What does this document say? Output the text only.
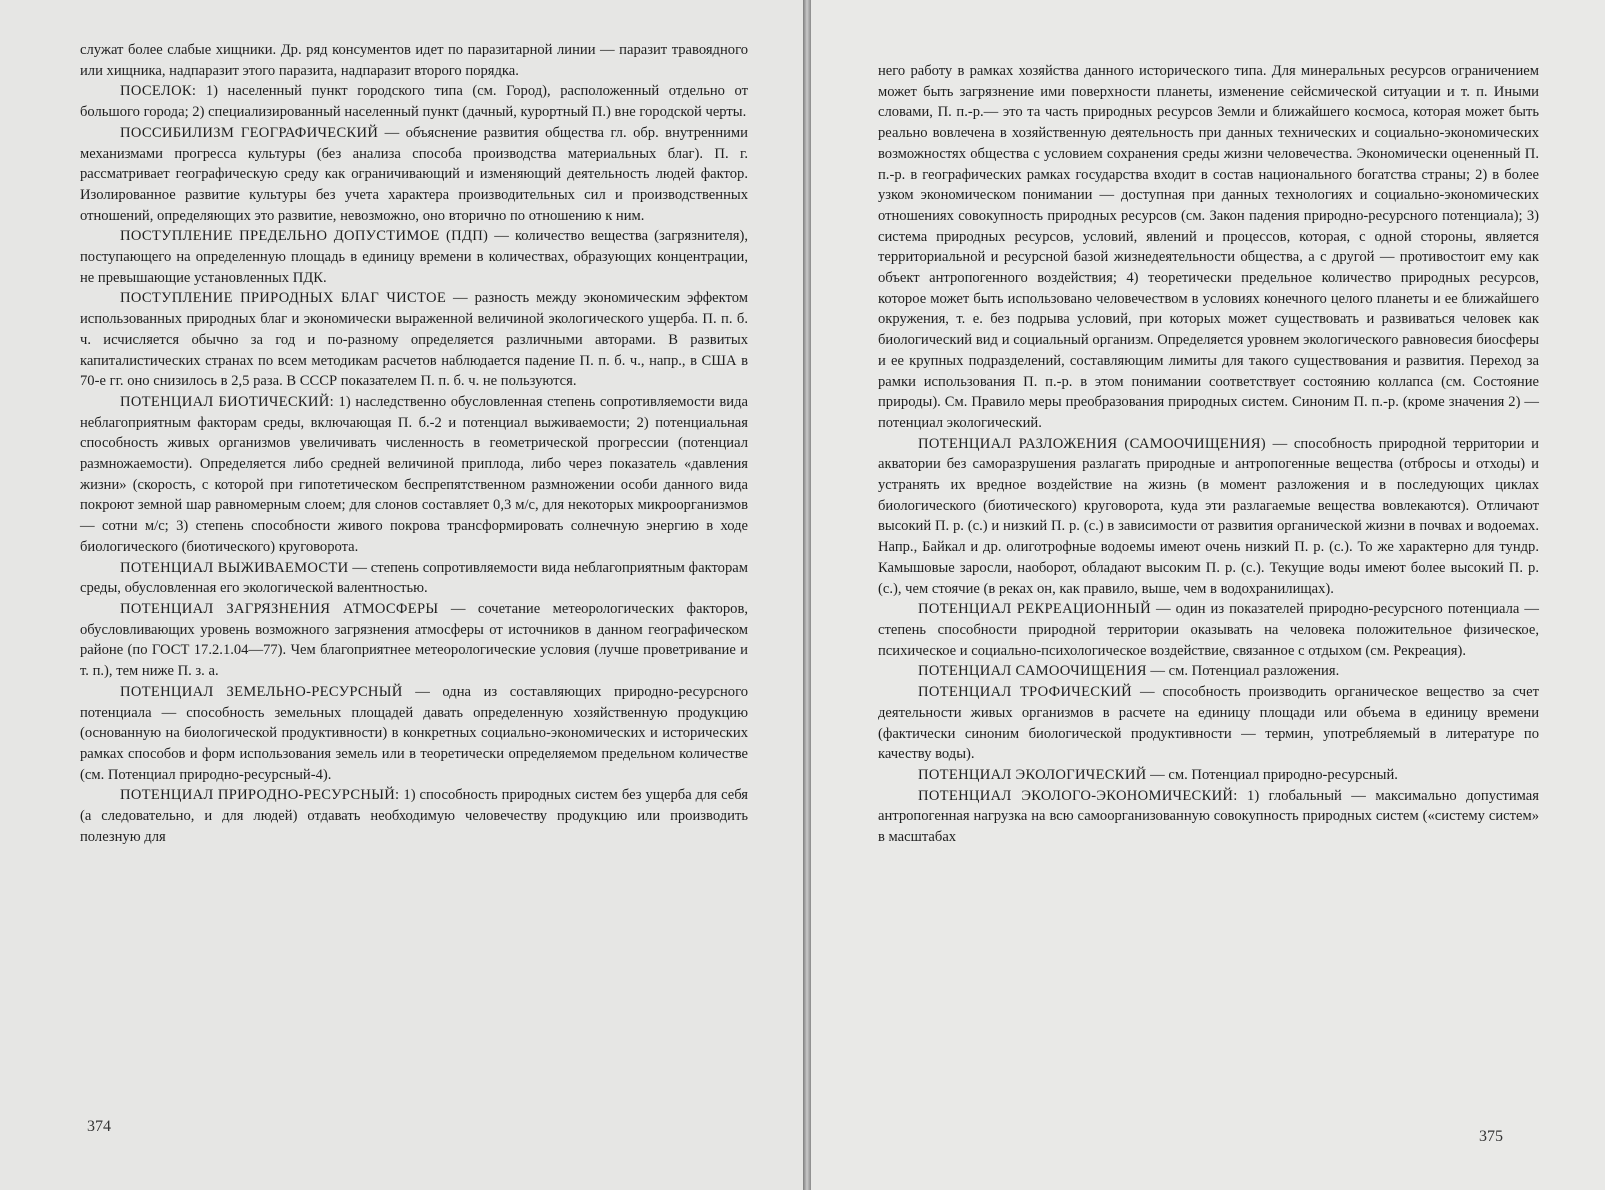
служат более слабые хищники. Др. ряд консументов идет по паразитарной линии — паразит травоядного или хищника, надпаразит этого паразита, надпаразит второго порядка.

ПОСЕЛОК: 1) населенный пункт городского типа (см. Город), расположенный отдельно от большого города; 2) специализированный населенный пункт (дачный, курортный П.) вне городской черты.

ПОССИБИЛИЗМ ГЕОГРАФИЧЕСКИЙ — объяснение развития общества гл. обр. внутренними механизмами прогресса культуры (без анализа способа производства материальных благ). П. г. рассматривает географическую среду как ограничивающий и изменяющий деятельность людей фактор. Изолированное развитие культуры без учета характера производительных сил и производственных отношений, определяющих это развитие, невозможно, оно вторично по отношению к ним.

ПОСТУПЛЕНИЕ ПРЕДЕЛЬНО ДОПУСТИМОЕ (ПДП) — количество вещества (загрязнителя), поступающего на определенную площадь в единицу времени в количествах, образующих концентрации, не превышающие установленных ПДК.

ПОСТУПЛЕНИЕ ПРИРОДНЫХ БЛАГ ЧИСТОЕ — разность между экономическим эффектом использованных природных благ и экономически выраженной величиной экологического ущерба. П. п. б. ч. исчисляется обычно за год и по-разному определяется различными авторами. В развитых капиталистических странах по всем методикам расчетов наблюдается падение П. п. б. ч., напр., в США в 70-е гг. оно снизилось в 2,5 раза. В СССР показателем П. п. б. ч. не пользуются.

ПОТЕНЦИАЛ БИОТИЧЕСКИЙ: 1) наследственно обусловленная степень сопротивляемости вида неблагоприятным факторам среды, включающая П. б.-2 и потенциал выживаемости; 2) потенциальная способность живых организмов увеличивать численность в геометрической прогрессии (потенциал размножаемости). Определяется либо средней величиной приплода, либо через показатель «давления жизни» (скорость, с которой при гипотетическом беспрепятственном размножении особи данного вида покроют земной шар равномерным слоем; для слонов составляет 0,3 м/с, для некоторых микроорганизмов — сотни м/с; 3) степень способности живого покрова трансформировать солнечную энергию в ходе биологического (биотического) круговорота.

ПОТЕНЦИАЛ ВЫЖИВАЕМОСТИ — степень сопротивляемости вида неблагоприятным факторам среды, обусловленная его экологической валентностью.

ПОТЕНЦИАЛ ЗАГРЯЗНЕНИЯ АТМОСФЕРЫ — сочетание метеорологических факторов, обусловливающих уровень возможного загрязнения атмосферы от источников в данном географическом районе (по ГОСТ 17.2.1.04—77). Чем благоприятнее метеорологические условия (лучше проветривание и т. п.), тем ниже П. з. а.

ПОТЕНЦИАЛ ЗЕМЕЛЬНО-РЕСУРСНЫЙ — одна из составляющих природно-ресурсного потенциала — способность земельных площадей давать определенную хозяйственную продукцию (основанную на биологической продуктивности) в конкретных социально-экономических и исторических рамках способов и форм использования земель или в теоретически определяемом предельном количестве (см. Потенциал природно-ресурсный-4).

ПОТЕНЦИАЛ ПРИРОДНО-РЕСУРСНЫЙ: 1) способность природных систем без ущерба для себя (а следовательно, и для людей) отдавать необходимую человечеству продукцию или производить полезную для

374

него работу в рамках хозяйства данного исторического типа. Для минеральных ресурсов ограничением может быть загрязнение ими поверхности планеты, изменение сейсмической ситуации и т. п. Иными словами, П. п.-р.— это та часть природных ресурсов Земли и ближайшего космоса, которая может быть реально вовлечена в хозяйственную деятельность при данных технических и социально-экономических возможностях общества с условием сохранения среды жизни человечества. Экономически оцененный П. п.-р. в географических рамках государства входит в состав национального богатства страны; 2) в более узком экономическом понимании — доступная при данных технологиях и социально-экономических отношениях совокупность природных ресурсов (см. Закон падения природно-ресурсного потенциала); 3) система природных ресурсов, условий, явлений и процессов, которая, с одной стороны, является территориальной и ресурсной базой жизнедеятельности общества, а с другой — противостоит ему как объект антропогенного воздействия; 4) теоретически предельное количество природных ресурсов, которое может быть использовано человечеством в условиях конечного целого планеты и ее ближайшего окружения, т. е. без подрыва условий, при которых может существовать и развиваться человек как биологический вид и социальный организм. Определяется уровнем экологического равновесия биосферы и ее крупных подразделений, составляющим лимиты для такого существования и развития. Переход за рамки использования П. п.-р. в этом понимании соответствует состоянию коллапса (см. Состояние природы). См. Правило меры преобразования природных систем. Синоним П. п.-р. (кроме значения 2) — потенциал экологический.

ПОТЕНЦИАЛ РАЗЛОЖЕНИЯ (САМООЧИЩЕНИЯ) — способность природной территории и акватории без саморазрушения разлагать природные и антропогенные вещества (отбросы и отходы) и устранять их вредное воздействие на жизнь (в момент разложения и в последующих циклах биологического (биотического) круговорота, куда эти разлагаемые вещества вовлекаются). Отличают высокий П. р. (с.) и низкий П. р. (с.) в зависимости от развития органической жизни в почвах и водоемах. Напр., Байкал и др. олиготрофные водоемы имеют очень низкий П. р. (с.). То же характерно для тундр. Камышовые заросли, наоборот, обладают высоким П. р. (с.). Текущие воды имеют более высокий П. р. (с.), чем стоячие (в реках он, как правило, выше, чем в водохранилищах).

ПОТЕНЦИАЛ РЕКРЕАЦИОННЫЙ — один из показателей природно-ресурсного потенциала — степень способности природной территории оказывать на человека положительное физическое, психическое и социально-психологическое воздействие, связанное с отдыхом (см. Рекреация).

ПОТЕНЦИАЛ САМООЧИЩЕНИЯ — см. Потенциал разложения.

ПОТЕНЦИАЛ ТРОФИЧЕСКИЙ — способность производить органическое вещество за счет деятельности живых организмов в расчете на единицу площади или объема в единицу времени (фактически синоним биологической продуктивности — термин, употребляемый в литературе по качеству воды).

ПОТЕНЦИАЛ ЭКОЛОГИЧЕСКИЙ — см. Потенциал природно-ресурсный.

ПОТЕНЦИАЛ ЭКОЛОГО-ЭКОНОМИЧЕСКИЙ: 1) глобальный — максимально допустимая антропогенная нагрузка на всю самоорганизованную совокупность природных систем («систему систем» в масштабах

375
